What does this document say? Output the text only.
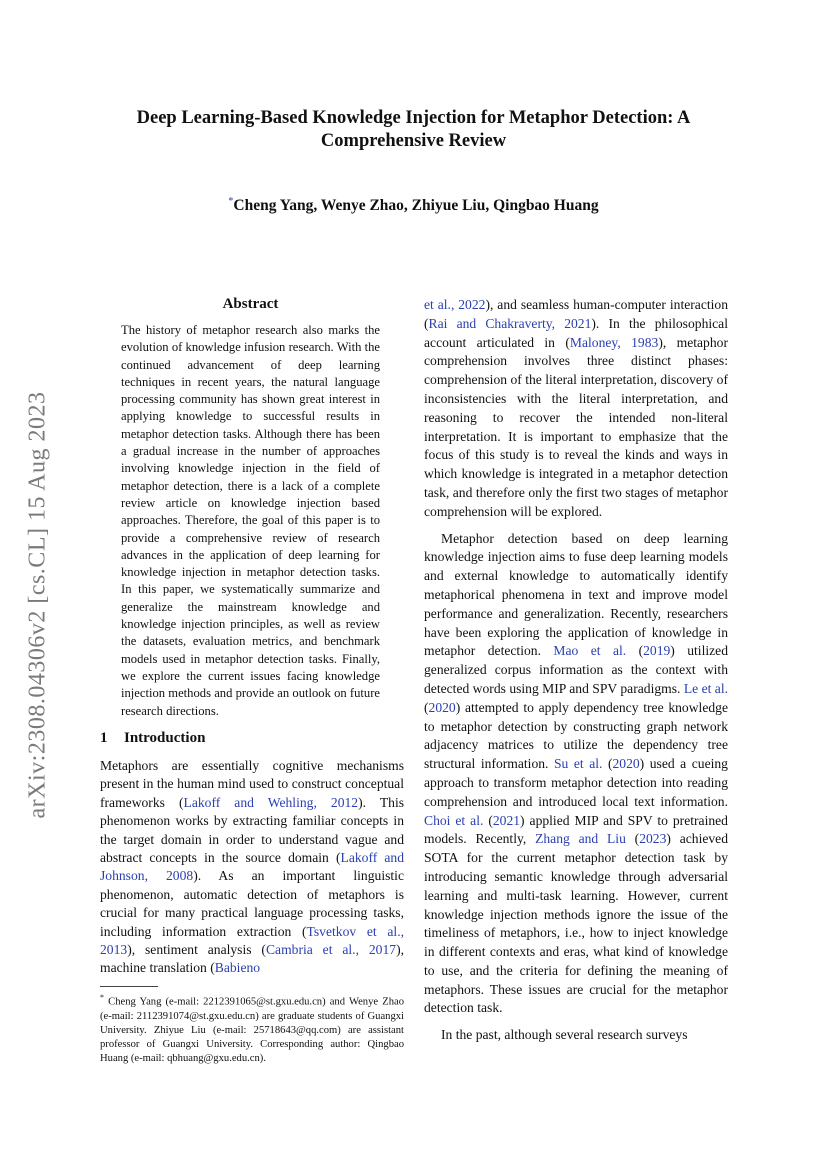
arXiv:2308.04306v2 [cs.CL] 15 Aug 2023
Deep Learning-Based Knowledge Injection for Metaphor Detection: A Comprehensive Review
*Cheng Yang, Wenye Zhao, Zhiyue Liu, Qingbao Huang
Abstract
The history of metaphor research also marks the evolution of knowledge infusion research. With the continued advancement of deep learning techniques in recent years, the natural language processing community has shown great interest in applying knowledge to successful results in metaphor detection tasks. Although there has been a gradual increase in the number of approaches involving knowledge injection in the field of metaphor detection, there is a lack of a complete review article on knowledge injection based approaches. Therefore, the goal of this paper is to provide a comprehensive review of research advances in the application of deep learning for knowledge injection in metaphor detection tasks. In this paper, we systematically summarize and generalize the mainstream knowledge and knowledge injection principles, as well as review the datasets, evaluation metrics, and benchmark models used in metaphor detection tasks. Finally, we explore the current issues facing knowledge injection methods and provide an outlook on future research directions.
1 Introduction
Metaphors are essentially cognitive mechanisms present in the human mind used to construct conceptual frameworks (Lakoff and Wehling, 2012). This phenomenon works by extracting familiar concepts in the target domain in order to understand vague and abstract concepts in the source domain (Lakoff and Johnson, 2008). As an important linguistic phenomenon, automatic detection of metaphors is crucial for many practical language processing tasks, including information extraction (Tsvetkov et al., 2013), sentiment analysis (Cambria et al., 2017), machine translation (Babieno
* Cheng Yang (e-mail: 2212391065@st.gxu.edu.cn) and Wenye Zhao (e-mail: 2112391074@st.gxu.edu.cn) are graduate students of Guangxi University. Zhiyue Liu (e-mail: 25718643@qq.com) are assistant professor of Guangxi University. Corresponding author: Qingbao Huang (e-mail: qbhuang@gxu.edu.cn).

et al., 2022), and seamless human-computer interaction (Rai and Chakraverty, 2021). In the philosophical account articulated in (Maloney, 1983), metaphor comprehension involves three distinct phases: comprehension of the literal interpretation, discovery of inconsistencies with the literal interpretation, and reasoning to recover the intended non-literal interpretation. It is important to emphasize that the focus of this study is to reveal the kinds and ways in which knowledge is integrated in a metaphor detection task, and therefore only the first two stages of metaphor comprehension will be explored.

Metaphor detection based on deep learning knowledge injection aims to fuse deep learning models and external knowledge to automatically identify metaphorical phenomena in text and improve model performance and generalization. Recently, researchers have been exploring the application of knowledge in metaphor detection. Mao et al. (2019) utilized generalized corpus information as the context with detected words using MIP and SPV paradigms. Le et al. (2020) attempted to apply dependency tree knowledge to metaphor detection by constructing graph network adjacency matrices to utilize the dependency tree structural information. Su et al. (2020) used a cueing approach to transform metaphor detection into reading comprehension and introduced local text information. Choi et al. (2021) applied MIP and SPV to pretrained models. Recently, Zhang and Liu (2023) achieved SOTA for the current metaphor detection task by introducing semantic knowledge through adversarial learning and multi-task learning. However, current knowledge injection methods ignore the issue of the timeliness of metaphors, i.e., how to inject knowledge in different contexts and eras, what kind of knowledge to use, and the criteria for defining the meaning of metaphors. These issues are crucial for the metaphor detection task.

In the past, although several research surveys
